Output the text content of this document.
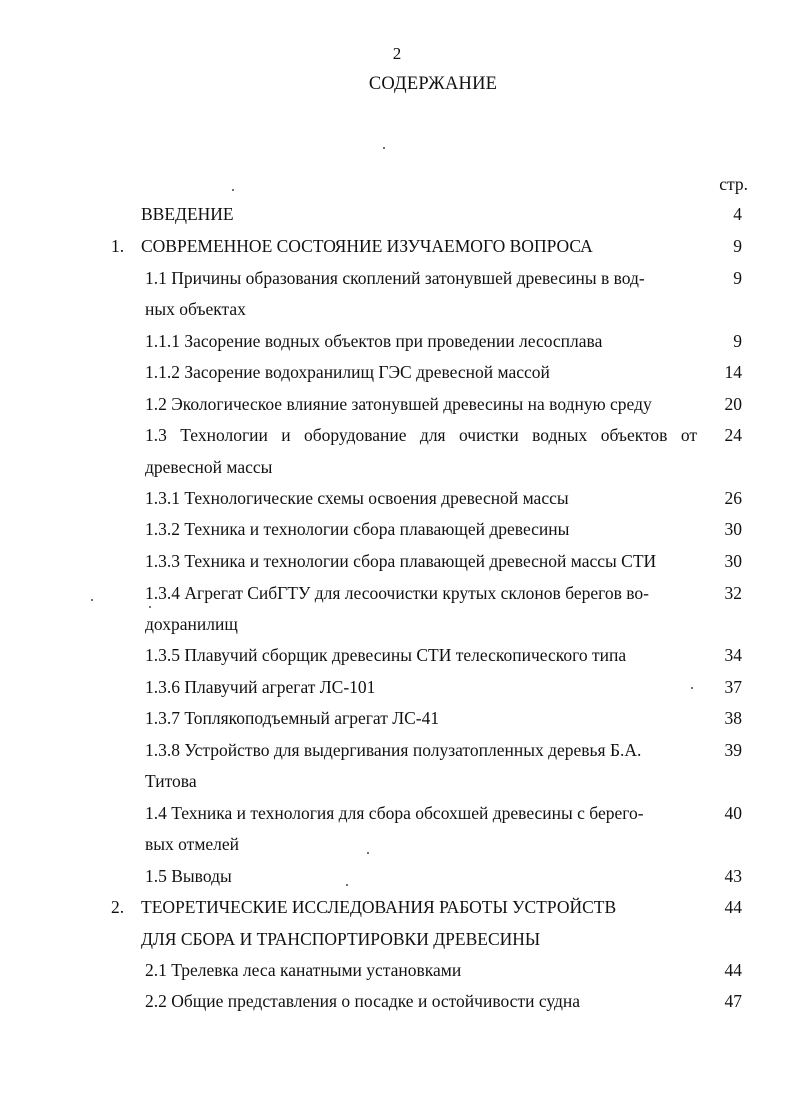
2
СОДЕРЖАНИЕ
стр.
ВВЕДЕНИЕ	4
1. СОВРЕМЕННОЕ СОСТОЯНИЕ ИЗУЧАЕМОГО ВОПРОСА	9
1.1 Причины образования скоплений затонувшей древесины в вод-	9
ных объектах
1.1.1 Засорение водных объектов при проведении лесосплава	9
1.1.2 Засорение водохранилищ ГЭС древесной массой	14
1.2 Экологическое влияние затонувшей древесины на водную среду	20
1.3 Технологии и оборудование для очистки водных объектов от 24
древесной массы
1.3.1 Технологические схемы освоения древесной массы	26
1.3.2 Техника и технологии сбора плавающей древесины	30
1.3.3 Техника и технологии сбора плавающей древесной массы СТИ	30
1.3.4 Агрегат СибГТУ для лесоочистки крутых склонов берегов во-	32
дохранилищ
1.3.5 Плавучий сборщик древесины СТИ телескопического типа	34
1.3.6 Плавучий агрегат ЛС-101	37
1.3.7 Топлякоподъемный агрегат ЛС-41	38
1.3.8 Устройство для выдергивания полузатопленных деревья Б.А.	39
Титова
1.4 Техника и технология для сбора обсохшей древесины с берего-	40
вых отмелей
1.5 Выводы	43
2. ТЕОРЕТИЧЕСКИЕ ИССЛЕДОВАНИЯ РАБОТЫ УСТРОЙСТВ	44
ДЛЯ СБОРА И ТРАНСПОРТИРОВКИ ДРЕВЕСИНЫ
2.1 Трелевка леса канатными установками	44
2.2 Общие представления о посадке и остойчивости судна	47
